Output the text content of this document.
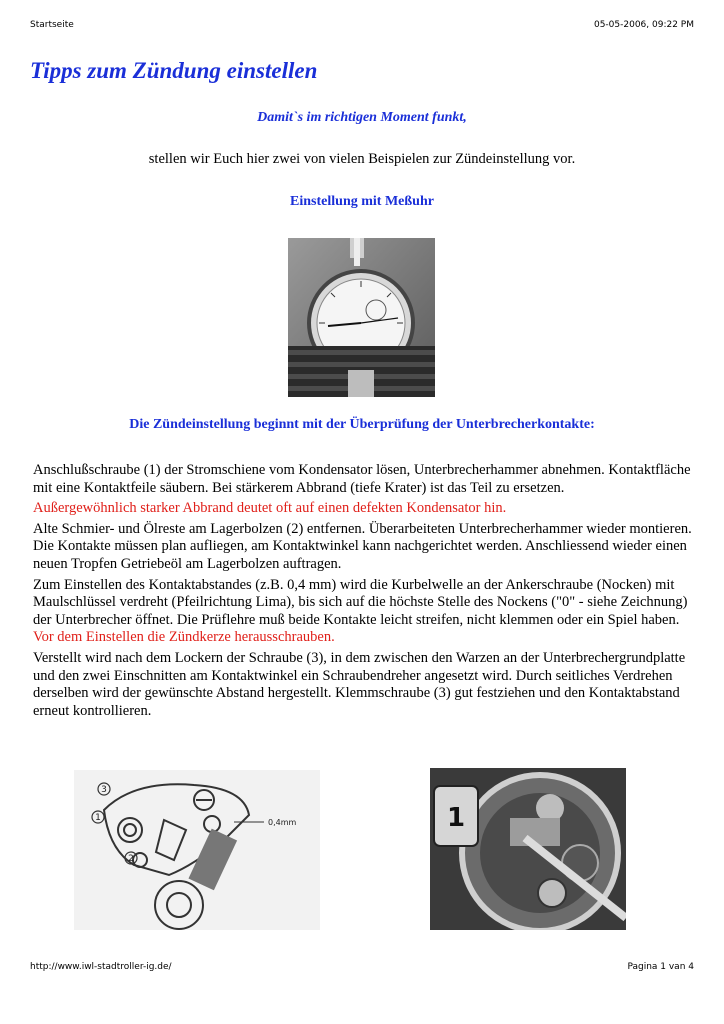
Startseite	05-05-2006, 09:22 PM
Tipps zum Zündung einstellen
Damit`s im richtigen Moment funkt,
stellen wir Euch hier zwei von vielen Beispielen zur Zündeinstellung vor.
Einstellung mit Meßuhr
Die Zündeinstellung beginnt mit der Überprüfung der Unterbrecherkontakte:

Anschlußschraube (1) der Stromschiene vom Kondensator lösen, Unterbrecherhammer abnehmen. Kontaktfläche mit eine Kontaktfeile säubern. Bei stärkerem Abbrand (tiefe Krater) ist das Teil zu ersetzen.

Außergewöhnlich starker Abbrand deutet oft auf einen defekten Kondensator hin.

Alte Schmier- und Ölreste am Lagerbolzen (2) entfernen. Überarbeiteten Unterbrecherhammer wieder montieren. Die Kontakte müssen plan aufliegen, am Kontaktwinkel kann nachgerichtet werden. Anschliessend wieder einen neuen Tropfen Getriebeöl am Lagerbolzen auftragen.

Zum Einstellen des Kontaktabstandes (z.B. 0,4 mm) wird die Kurbelwelle an der Ankerschraube (Nocken) mit Maulschlüssel verdreht (Pfeilrichtung Lima), bis sich auf die höchste Stelle des Nockens ("0" - siehe Zeichnung) der Unterbrecher öffnet. Die Prüflehre muß beide Kontakte leicht streifen, nicht klemmen oder ein Spiel haben. Vor dem Einstellen die Zündkerze herausschrauben.

Verstellt wird nach dem Lockern der Schraube (3), in dem zwischen den Warzen an der Unterbrechergrundplatte und den zwei Einschnitten am Kontaktwinkel ein Schraubendreher angesetzt wird. Durch seitliches Verdrehen derselben wird der gewünschte Abstand hergestellt. Klemmschraube (3) gut festziehen und den Kontaktabstand erneut kontrollieren.

3
1
2
0,4mm	1
http://www.iwl-stadtroller-ig.de/	Pagina 1 van 4
